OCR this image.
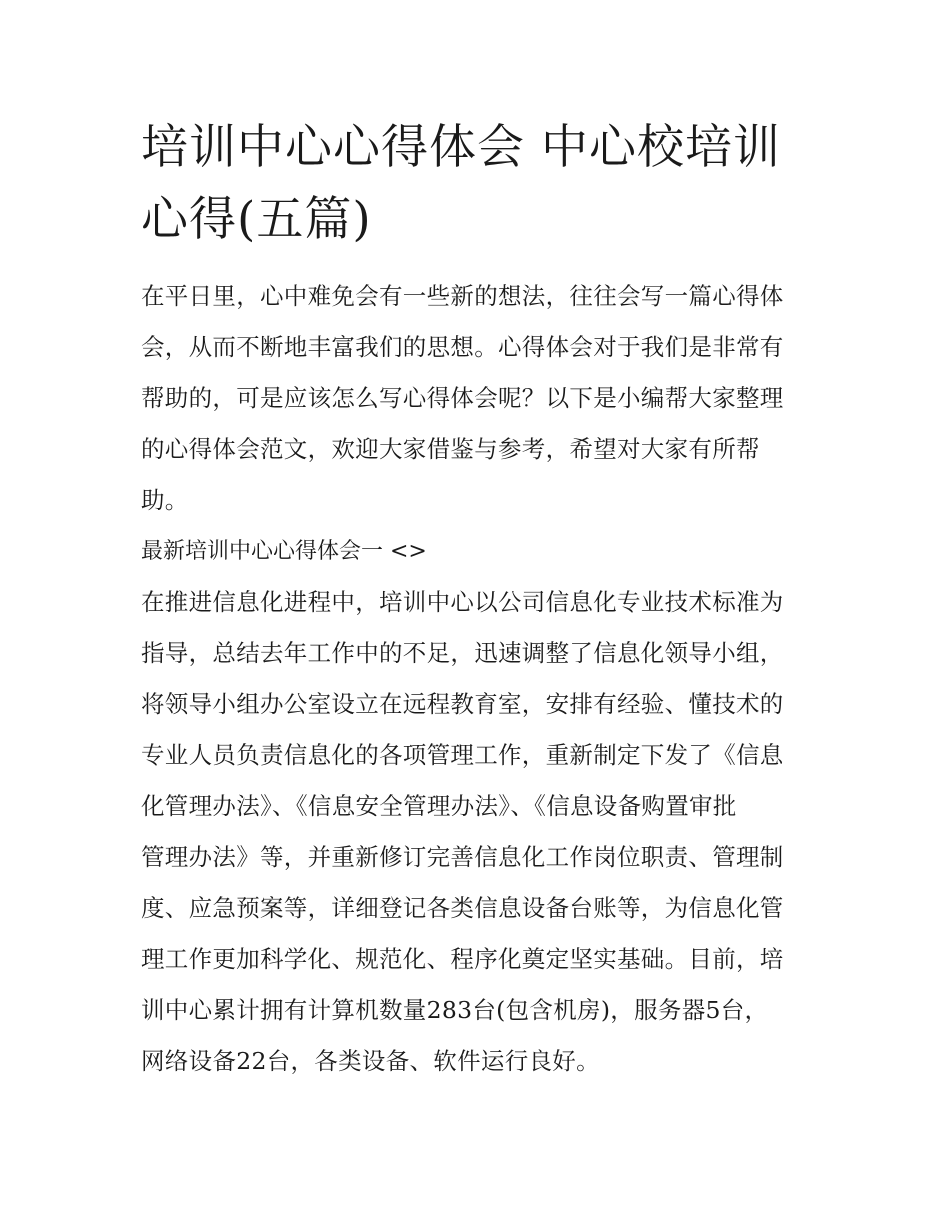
培训中心心得体会 中心校培训
心得(五篇)

在平日里，心中难免会有一些新的想法，往往会写一篇心得体
会，从而不断地丰富我们的思想。心得体会对于我们是非常有
帮助的，可是应该怎么写心得体会呢？以下是小编帮大家整理
的心得体会范文，欢迎大家借鉴与参考，希望对大家有所帮
助。

最新培训中心心得体会一 <>

在推进信息化进程中，培训中心以公司信息化专业技术标准为
指导，总结去年工作中的不足，迅速调整了信息化领导小组，
将领导小组办公室设立在远程教育室，安排有经验、懂技术的
专业人员负责信息化的各项管理工作，重新制定下发了《信息
化管理办法》、《信息安全管理办法》、《信息设备购置审批
管理办法》等，并重新修订完善信息化工作岗位职责、管理制
度、应急预案等，详细登记各类信息设备台账等，为信息化管
理工作更加科学化、规范化、程序化奠定坚实基础。目前，培
训中心累计拥有计算机数量283台(包含机房)，服务器5台，
网络设备22台，各类设备、软件运行良好。
